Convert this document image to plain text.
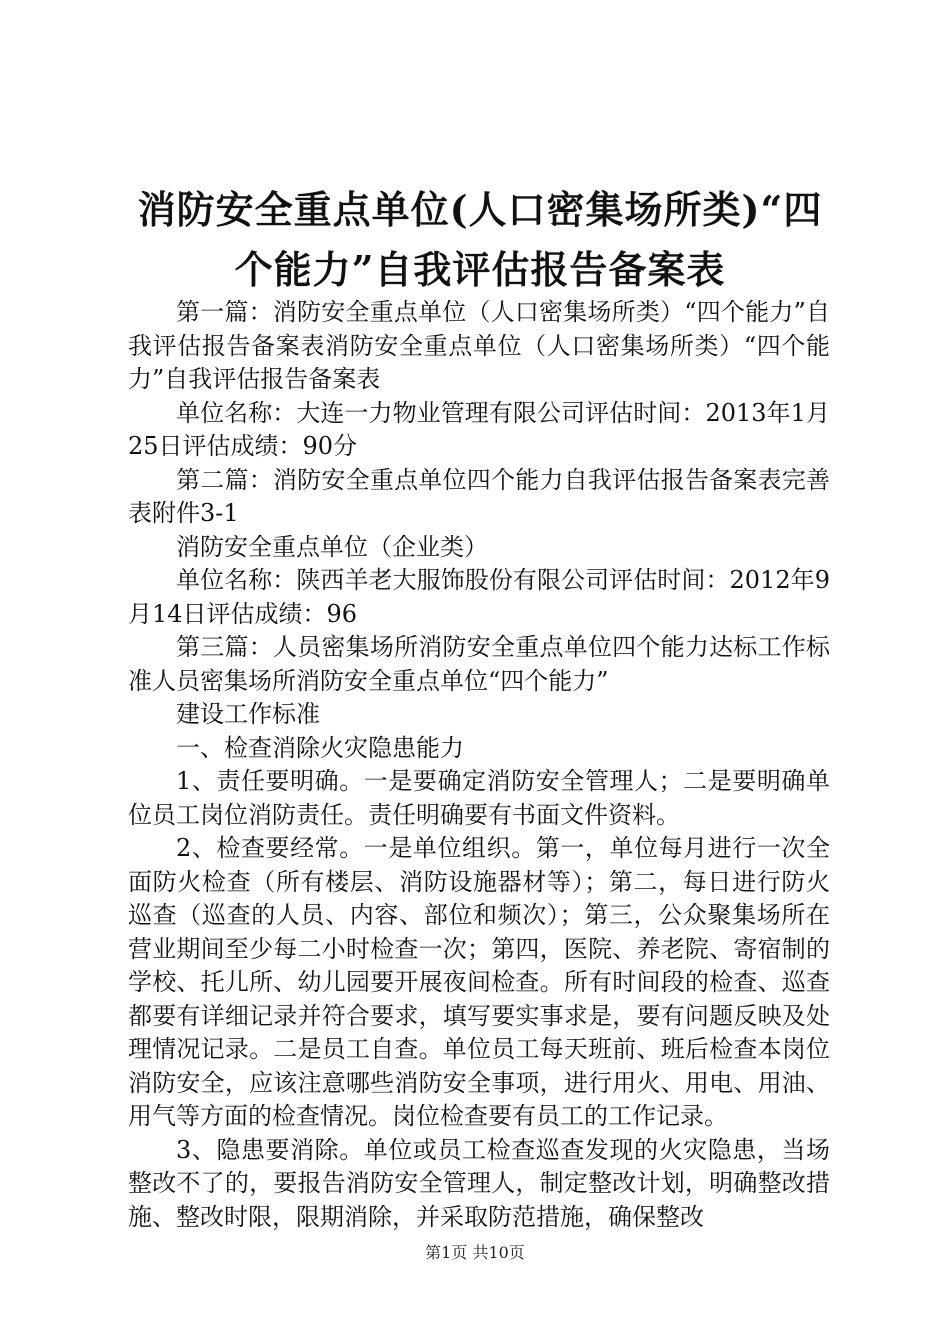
消防安全重点单位(人口密集场所类)“四个能力”自我评估报告备案表

第一篇：消防安全重点单位（人口密集场所类）“四个能力”自我评估报告备案表消防安全重点单位（人口密集场所类）“四个能力”自我评估报告备案表

单位名称：大连一力物业管理有限公司评估时间：2013年1月25日评估成绩：90分

第二篇：消防安全重点单位四个能力自我评估报告备案表完善表附件3-1

消防安全重点单位（企业类）

单位名称：陕西羊老大服饰股份有限公司评估时间：2012年9月14日评估成绩：96

第三篇：人员密集场所消防安全重点单位四个能力达标工作标准人员密集场所消防安全重点单位“四个能力”

建设工作标准

一、检查消除火灾隐患能力

1、责任要明确。一是要确定消防安全管理人；二是要明确单位员工岗位消防责任。责任明确要有书面文件资料。

2、检查要经常。一是单位组织。第一，单位每月进行一次全面防火检查（所有楼层、消防设施器材等）；第二，每日进行防火巡查（巡查的人员、内容、部位和频次）；第三，公众聚集场所在营业期间至少每二小时检查一次；第四，医院、养老院、寄宿制的学校、托儿所、幼儿园要开展夜间检查。所有时间段的检查、巡查都要有详细记录并符合要求，填写要实事求是，要有问题反映及处理情况记录。二是员工自查。单位员工每天班前、班后检查本岗位消防安全，应该注意哪些消防安全事项，进行用火、用电、用油、用气等方面的检查情况。岗位检查要有员工的工作记录。

3、隐患要消除。单位或员工检查巡查发现的火灾隐患，当场整改不了的，要报告消防安全管理人，制定整改计划，明确整改措施、整改时限，限期消除，并采取防范措施，确保整改

第1页 共10页
